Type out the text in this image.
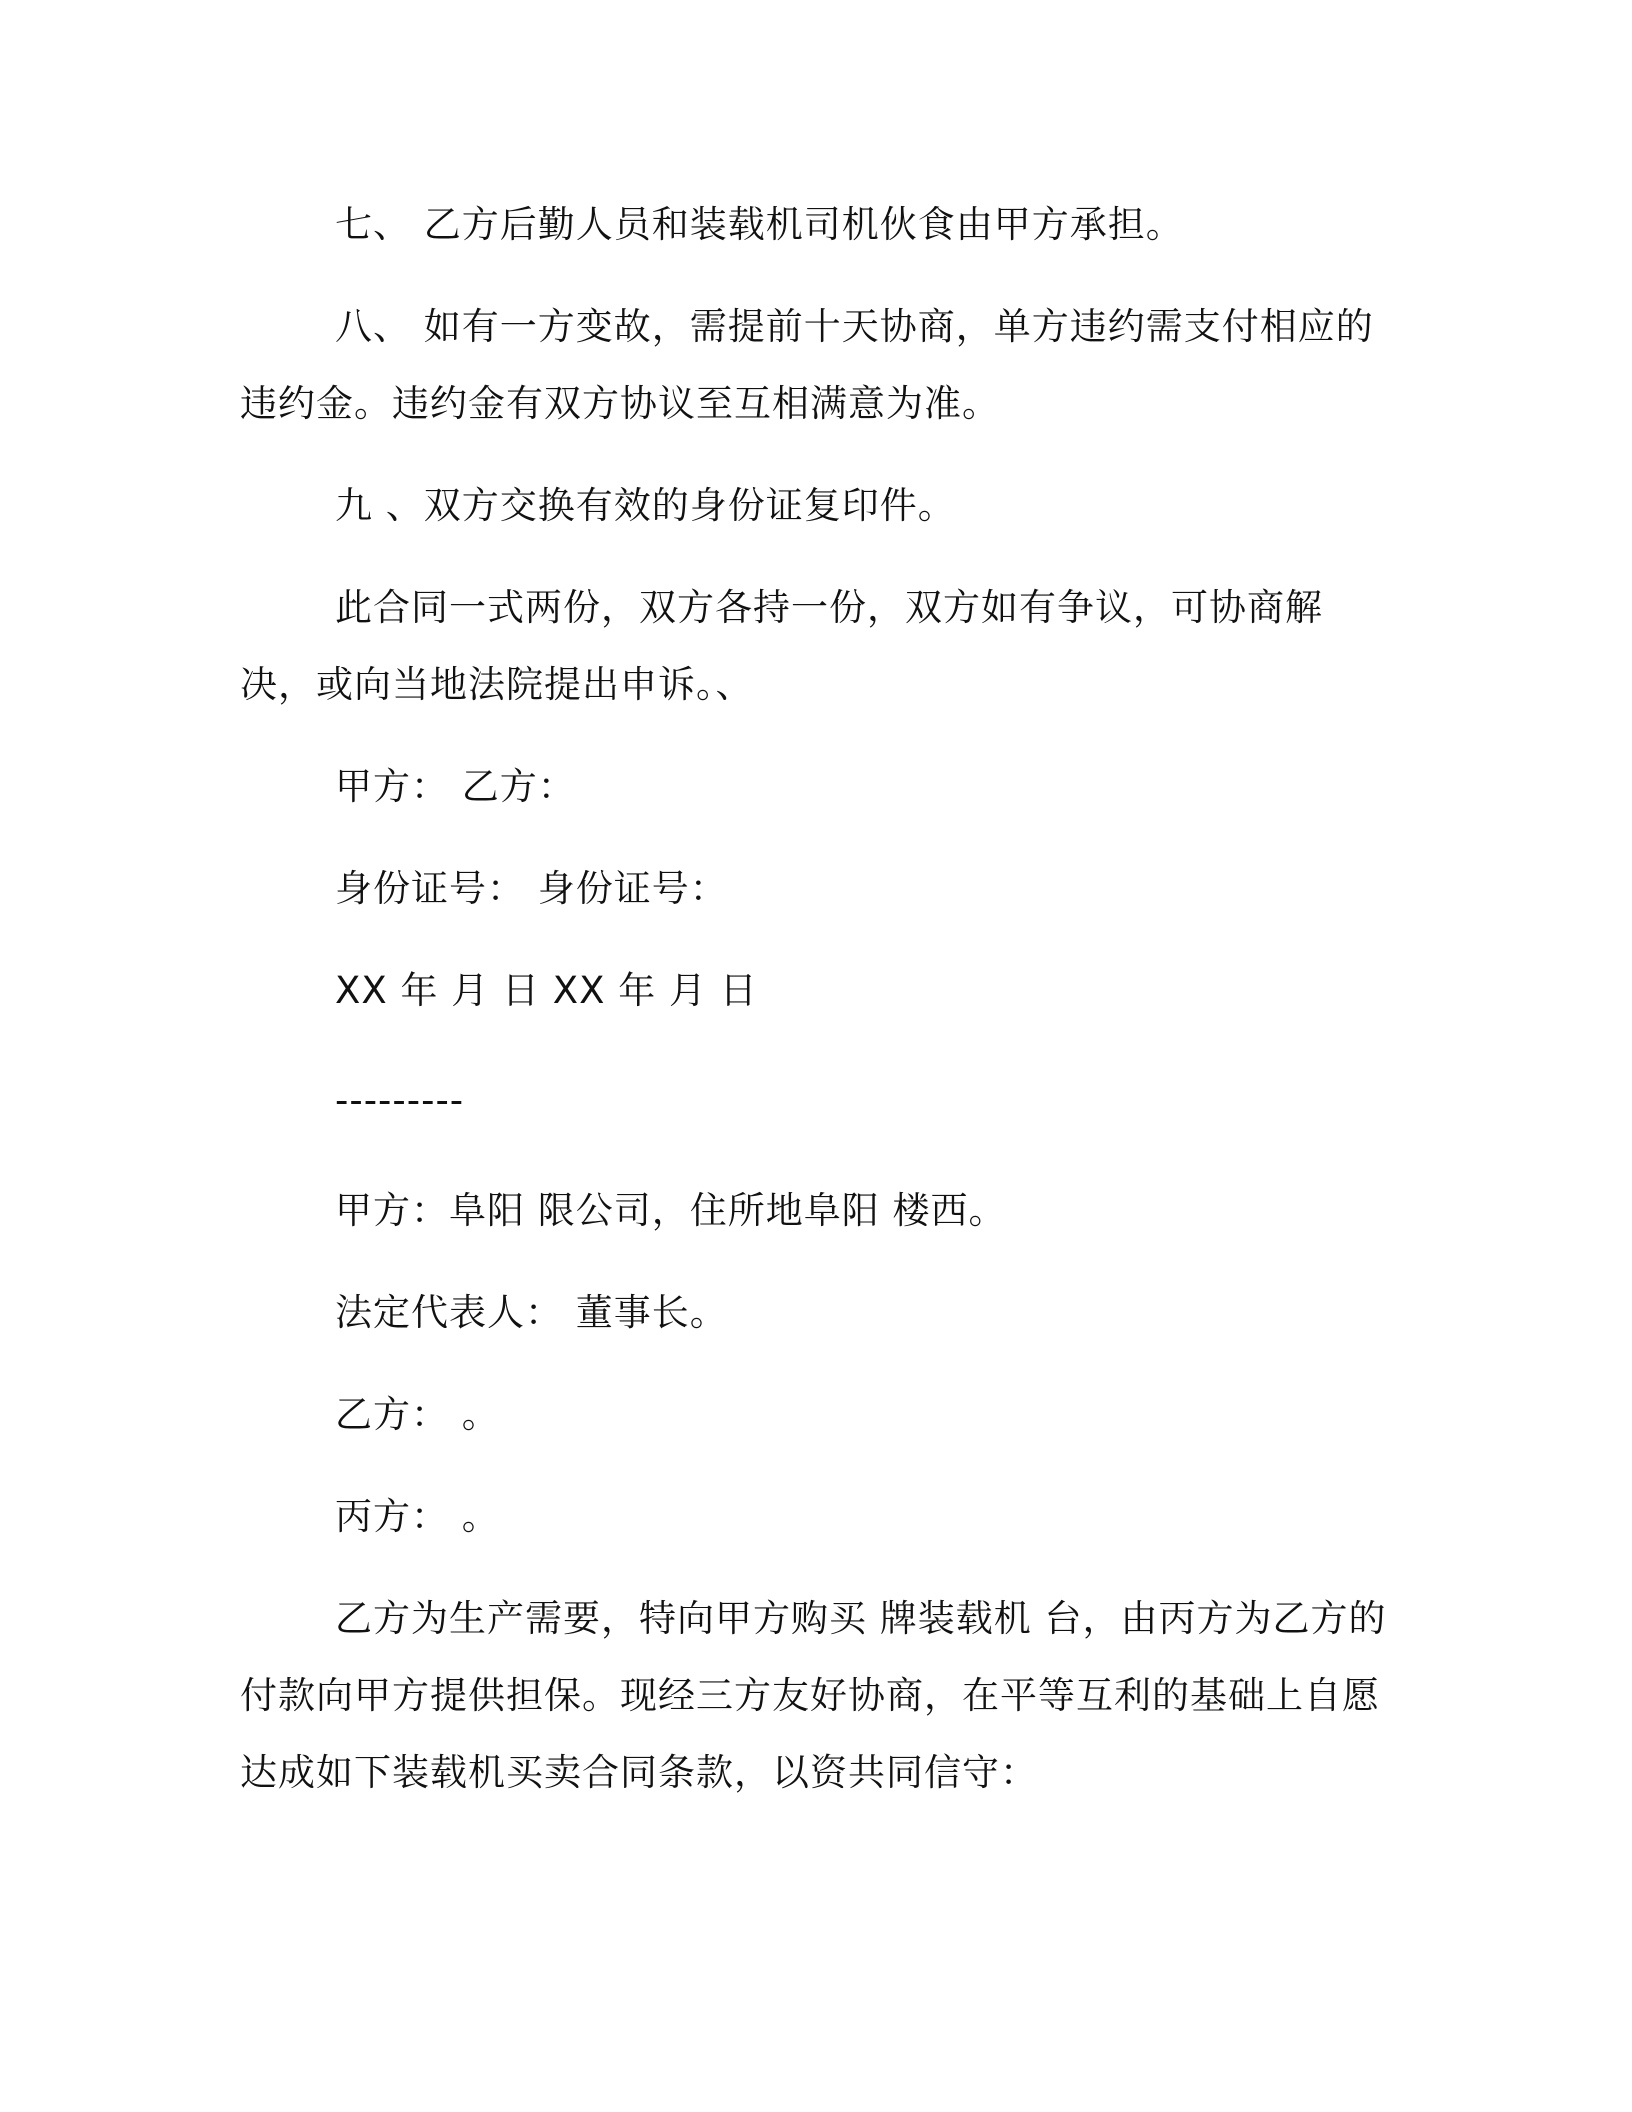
七、 乙方后勤人员和装载机司机伙食由甲方承担。

八、 如有一方变故，需提前十天协商，单方违约需支付相应的违约金。违约金有双方协议至互相满意为准。

九 、双方交换有效的身份证复印件。

此合同一式两份，双方各持一份，双方如有争议，可协商解决，或向当地法院提出申诉。、

甲方： 乙方：

身份证号： 身份证号：

XX 年 月 日 XX 年 月 日

---------

甲方：阜阳 限公司，住所地阜阳 楼西。

法定代表人： 董事长。

乙方： 。

丙方： 。

乙方为生产需要，特向甲方购买 牌装载机 台，由丙方为乙方的付款向甲方提供担保。现经三方友好协商，在平等互利的基础上自愿达成如下装载机买卖合同条款，以资共同信守：
